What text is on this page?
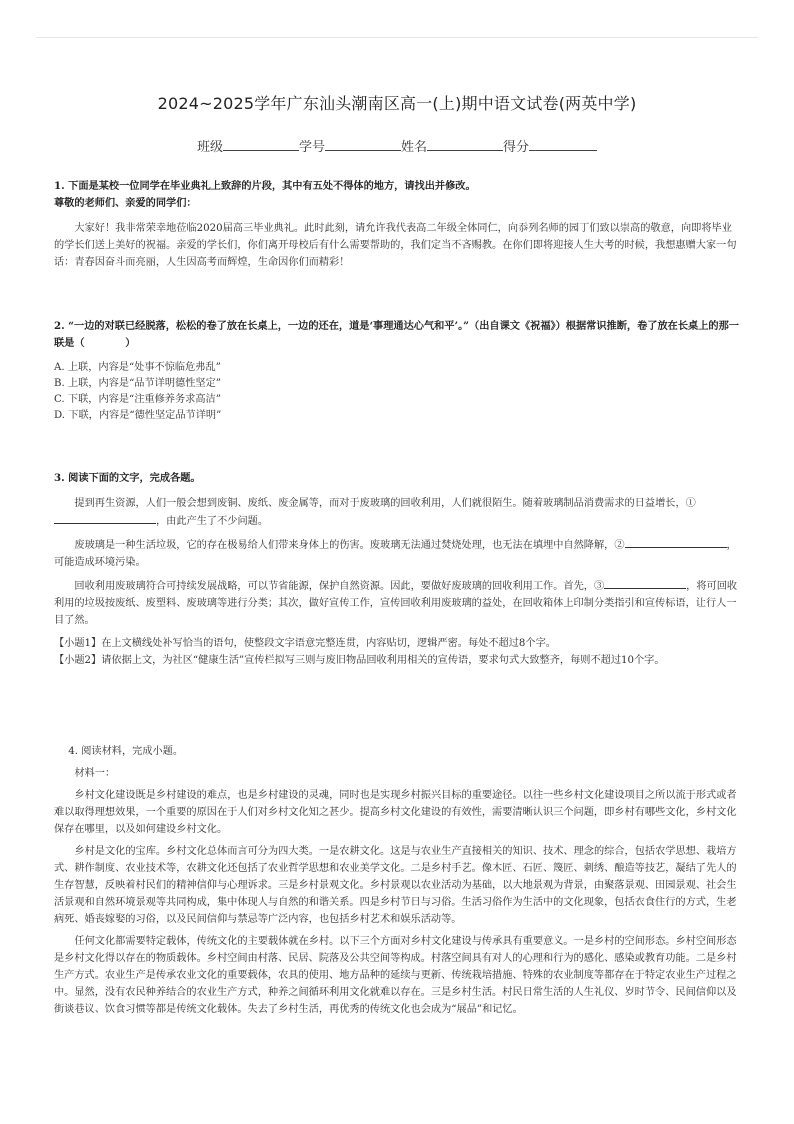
2024~2025学年广东汕头潮南区高一(上)期中语文试卷(两英中学)
班级	学号	姓名	得分

1. 下面是某校一位同学在毕业典礼上致辞的片段，其中有五处不得体的地方，请找出并修改。

尊敬的老师们、亲爱的同学们：

大家好！我非常荣幸地莅临2020届高三毕业典礼。此时此刻，请允许我代表高二年级全体同仁，向忝列名师的园丁们致以崇高的敬意，向即将毕业的学长们送上美好的祝福。亲爱的学长们，你们离开母校后有什么需要帮助的，我们定当不吝赐教。在你们即将迎接人生大考的时候，我想惠赠大家一句话：青春因奋斗而亮丽，人生因高考而辉煌，生命因你们而精彩！

2. “一边的对联已经脱落，松松的卷了放在长桌上，一边的还在，道是‘事理通达心气和平’。”（出自课文《祝福》）根据常识推断，卷了放在长桌上的那一联是（　　　　）

A. 上联，内容是“处事不惊临危弗乱”

B. 上联，内容是“品节详明德性坚定”

C. 下联，内容是“注重修养务求高洁”

D. 下联，内容是“德性坚定品节详明”

3. 阅读下面的文字，完成各题。

提到再生资源，人们一般会想到废铜、废纸、废金属等，而对于废玻璃的回收利用，人们就很陌生。随着玻璃制品消费需求的日益增长，①，由此产生了不少问题。

废玻璃是一种生活垃圾，它的存在极易给人们带来身体上的伤害。废玻璃无法通过焚烧处理，也无法在填埋中自然降解，②	，可能造成环境污染。

回收利用废玻璃符合可持续发展战略，可以节省能源，保护自然资源。因此，要做好废玻璃的回收利用工作。首先，③	，将可回收利用的垃圾按废纸、废塑料、废玻璃等进行分类；其次，做好宣传工作，宣传回收利用废玻璃的益处，在回收箱体上印制分类指引和宣传标语，让行人一目了然。

【小题1】在上文横线处补写恰当的语句，使整段文字语意完整连贯，内容贴切，逻辑严密。每处不超过8个字。

【小题2】请依据上文，为社区“健康生活”宣传栏拟写三则与废旧物品回收利用相关的宣传语，要求句式大致整齐，每则不超过10个字。

4. 阅读材料，完成小题。

材料一：

乡村文化建设既是乡村建设的难点，也是乡村建设的灵魂，同时也是实现乡村振兴目标的重要途径。以往一些乡村文化建设项目之所以流于形式或者难以取得理想效果，一个重要的原因在于人们对乡村文化知之甚少。提高乡村文化建设的有效性，需要清晰认识三个问题，即乡村有哪些文化，乡村文化保存在哪里，以及如何建设乡村文化。

乡村是文化的宝库。乡村文化总体而言可分为四大类。一是农耕文化。这是与农业生产直接相关的知识、技术、理念的综合，包括农学思想、栽培方式、耕作制度、农业技术等，农耕文化还包括了农业哲学思想和农业美学文化。二是乡村手艺。像木匠、石匠、篾匠、刺绣、酿造等技艺，凝结了先人的生存智慧，反映着村民们的精神信仰与心理诉求。三是乡村景观文化。乡村景观以农业活动为基础，以大地景观为背景，由聚落景观、田园景观、社会生活景观和自然环境景观等共同构成，集中体现人与自然的和谐关系。四是乡村节日与习俗。生活习俗作为生活中的文化现象，包括衣食住行的方式，生老病死、婚丧嫁娶的习俗，以及民间信仰与禁忌等广泛内容，也包括乡村艺术和娱乐活动等。

任何文化都需要特定载体，传统文化的主要载体就在乡村。以下三个方面对乡村文化建设与传承具有重要意义。一是乡村的空间形态。乡村空间形态是乡村文化得以存在的物质载体。乡村空间由村落、民居、院落及公共空间等构成。村落空间具有对人的心理和行为的感化、感染或教育功能。二是乡村生产方式。农业生产是传承农业文化的重要载体，农具的使用、地方品种的延续与更新、传统栽培措施、特殊的农业制度等都存在于特定农业生产过程之中。显然，没有农民种养结合的农业生产方式，种养之间循环利用文化就难以存在。三是乡村生活。村民日常生活的人生礼仪、岁时节令、民间信仰以及街谈巷议、饮食习惯等都是传统文化载体。失去了乡村生活，再优秀的传统文化也会成为“展品”和记忆。
